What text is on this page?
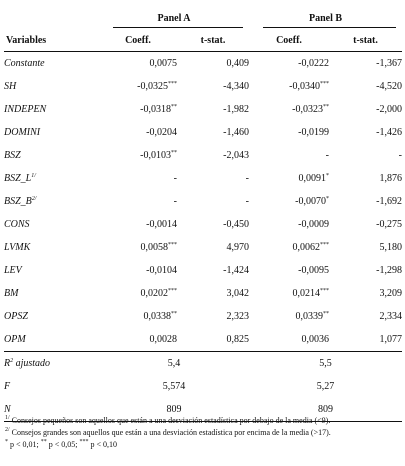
	Panel A		Panel B	

Variables	Coeff.	t-stat.	Coeff.	t-stat.
Constante	0,0075	0,409	-0,0222	-1,367
SH	-0,0325***	-4,340	-0,0340***	-4,520
INDEPEN	-0,0318**	-1,982	-0,0323**	-2,000
DOMINI	-0,0204	-1,460	-0,0199	-1,426
BSZ	-0,0103**	-2,043	-	-
$BSZ\_L^{1/}$	-	-	0,0091*	1,876
$BSZ\_B^{2/}$	-	-	-0,0070*	-1,692
CONS	-0,0014	-0,450	-0,0009	-0,275
LVMK	0,0058***	4,970	0,0062***	5,180
LEV	-0,0104	-1,424	-0,0095	-1,298
BM	0,0202***	3,042	0,0214***	3,209
OPSZ	0,0338**	2,323	0,0339**	2,334
OPM	0,0028	0,825	0,0036	1,077
$R^2$ ajustado	5,4		5,5	
F	5,574		5,27	
N	809		809	
$^{1/}$ Consejos pequeños son aquellos que están a una desviación estadística por debajo de la media (<9).
$^{2/}$ Consejos grandes son aquellos que están a una desviación estadística por encima de la media (>17).
* p < 0,01; ** p < 0,05; *** p < 0,10
